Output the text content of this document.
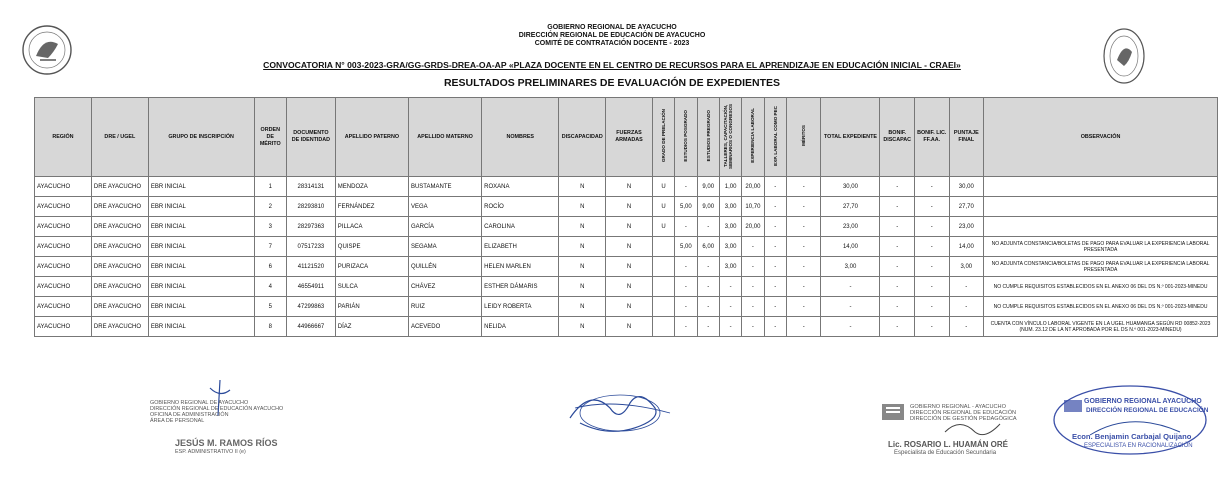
GOBIERNO REGIONAL DE AYACUCHO
DIRECCIÓN REGIONAL DE EDUCACIÓN DE AYACUCHO
COMITÉ DE CONTRATACIÓN DOCENTE - 2023
CONVOCATORIA N° 003-2023-GRA/GG-GRDS-DREA-OA-AP «PLAZA DOCENTE EN EL CENTRO DE RECURSOS PARA EL APRENDIZAJE EN EDUCACIÓN INICIAL - CRAEI»
RESULTADOS PRELIMINARES DE EVALUACIÓN DE EXPEDIENTES
REGIÓN	DRE / UGEL	GRUPO DE INSCRIPCIÓN	ORDEN DE MÉRITO	DOCUMENTO DE IDENTIDAD	APELLIDO PATERNO	APELLIDO MATERNO	NOMBRES	DISCAPACIDAD	FUERZAS ARMADAS	GRADO DE PRELACIÓN	ESTUDIOS POSGRADO	ESTUDIOS PREGRADO	TALLERES, CAPACITACIÓN, SEMINARIOS O CONGRESOS	EXPERIENCIA LABORAL	EXP. LABORAL COMO PEC	MÉRITOS	TOTAL EXPEDIENTE	BONIF. DISCAPAC	BONIF. LIC. FF.AA.	PUNTAJE FINAL	OBSERVACIÓN
AYACUCHO	DRE AYACUCHO	EBR INICIAL	1	28314131	MENDOZA	BUSTAMANTE	ROXANA	N	N	U	-	9,00	1,00	20,00	-	-	30,00	-	-	30,00	
AYACUCHO	DRE AYACUCHO	EBR INICIAL	2	28293810	FERNÁNDEZ	VEGA	ROCÍO	N	N	U	5,00	9,00	3,00	10,70	-	-	27,70	-	-	27,70	
AYACUCHO	DRE AYACUCHO	EBR INICIAL	3	28297363	PILLACA	GARCÍA	CAROLINA	N	N	U	-	-	3,00	20,00	-	-	23,00	-	-	23,00	
AYACUCHO	DRE AYACUCHO	EBR INICIAL	7	07517233	QUISPE	SEGAMA	ELIZABETH	N	N		5,00	6,00	3,00	-	-	-	14,00	-	-	14,00	NO ADJUNTA CONSTANCIA/BOLETAS DE PAGO PARA EVALUAR LA EXPERIENCIA LABORAL PRESENTADA
AYACUCHO	DRE AYACUCHO	EBR INICIAL	6	41121520	PURIZACA	QUILLÉN	HELEN MARLEN	N	N		-	-	3,00	-	-	-	3,00	-	-	3,00	NO ADJUNTA CONSTANCIA/BOLETAS DE PAGO PARA EVALUAR LA EXPERIENCIA LABORAL PRESENTADA
AYACUCHO	DRE AYACUCHO	EBR INICIAL	4	46554911	SULCA	CHÁVEZ	ESTHER DÁMARIS	N	N		-	-	-	-	-	-	-	-	-	-	NO CUMPLE REQUISITOS ESTABLECIDOS EN EL ANEXO 06 DEL DS N.º 001-2023-MINEDU
AYACUCHO	DRE AYACUCHO	EBR INICIAL	5	47299863	PARIÁN	RUIZ	LEIDY ROBERTA	N	N		-	-	-	-	-	-	-	-	-	-	NO CUMPLE REQUISITOS ESTABLECIDOS EN EL ANEXO 06 DEL DS N.º 001-2023-MINEDU
AYACUCHO	DRE AYACUCHO	EBR INICIAL	8	44966667	DÍAZ	ACEVEDO	NELIDA	N	N		-	-	-	-	-	-	-	-	-	-	CUENTA CON VÍNCULO LABORAL VIGENTE EN LA UGEL HUAMANGA SEGÚN RD 00852-2023 (NUM. 23.12 DE LA NT APROBADA POR EL DS N.º 001-2023-MINEDU)
GOBIERNO REGIONAL DE AYACUCHO
DIRECCIÓN REGIONAL DE EDUCACIÓN AYACUCHO
OFICINA DE ADMINISTRACIÓN
ÁREA DE PERSONAL
JESÚS M. RAMOS RÍOS
ESP. ADMINISTRATIVO II (e)
GOBIERNO REGIONAL - AYACUCHO
DIRECCIÓN REGIONAL DE EDUCACIÓN
DIRECCIÓN DE GESTIÓN PEDAGÓGICA
Lic. ROSARIO L. HUAMÁN ORÉ
Especialista de Educación Secundaria
GOBIERNO REGIONAL AYACUCHO
DIRECCIÓN REGIONAL DE EDUCACIÓN
Econ. Benjamin Carbajal Quijano
ESPECIALISTA EN RACIONALIZACIÓN
